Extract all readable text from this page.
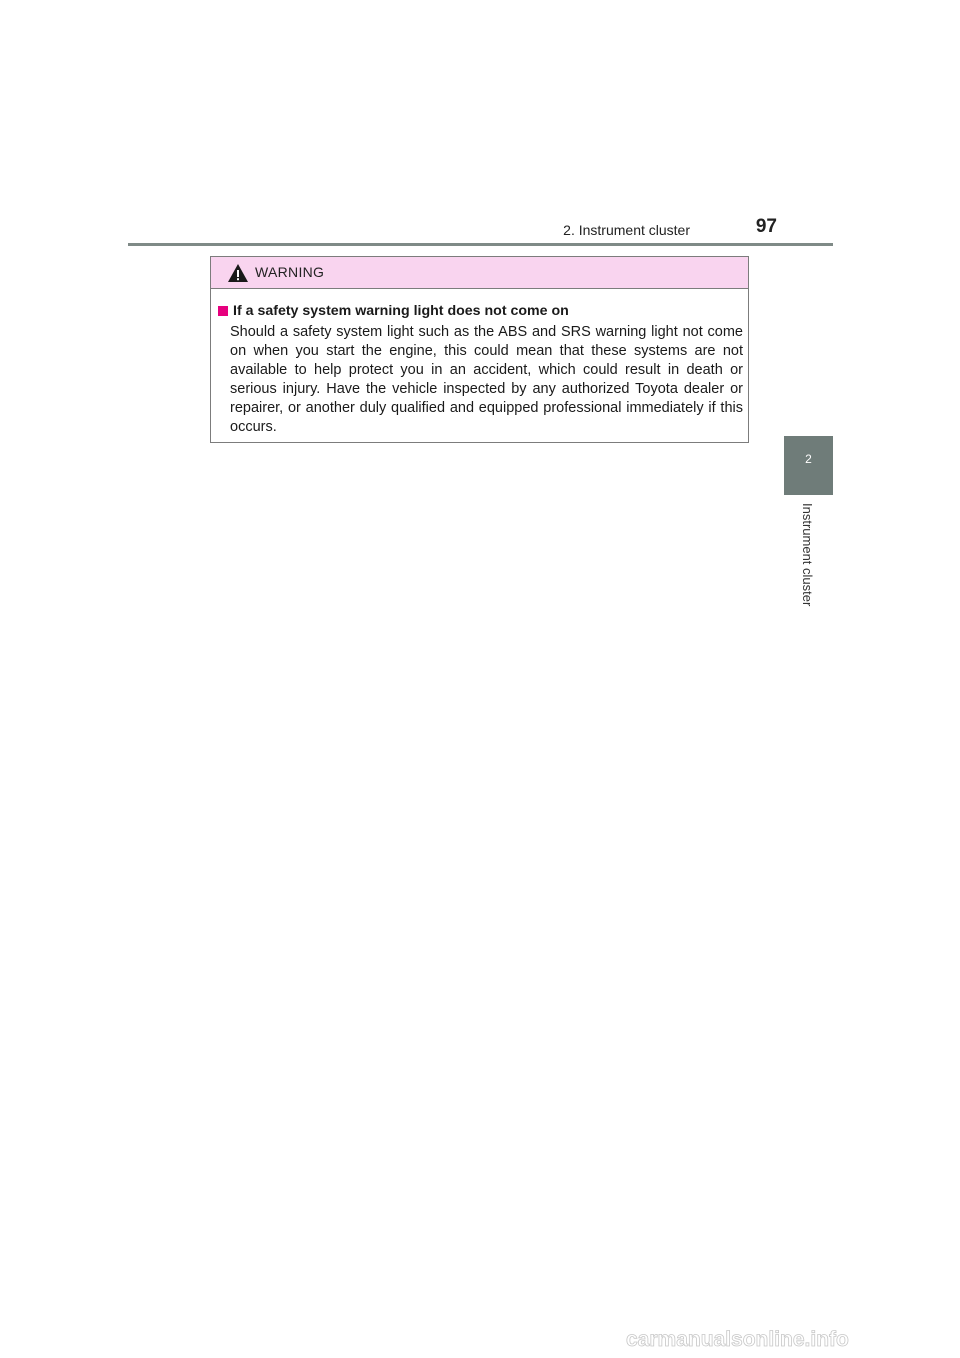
2. Instrument cluster	97
2
Instrument cluster
WARNING
If a safety system warning light does not come on
Should a safety system light such as the ABS and SRS warning light not come on when you start the engine, this could mean that these systems are not available to help protect you in an accident, which could result in death or serious injury. Have the vehicle inspected by any authorized Toyota dealer or repairer, or another duly qualified and equipped professional immediately if this occurs.
carmanualsonline.info
